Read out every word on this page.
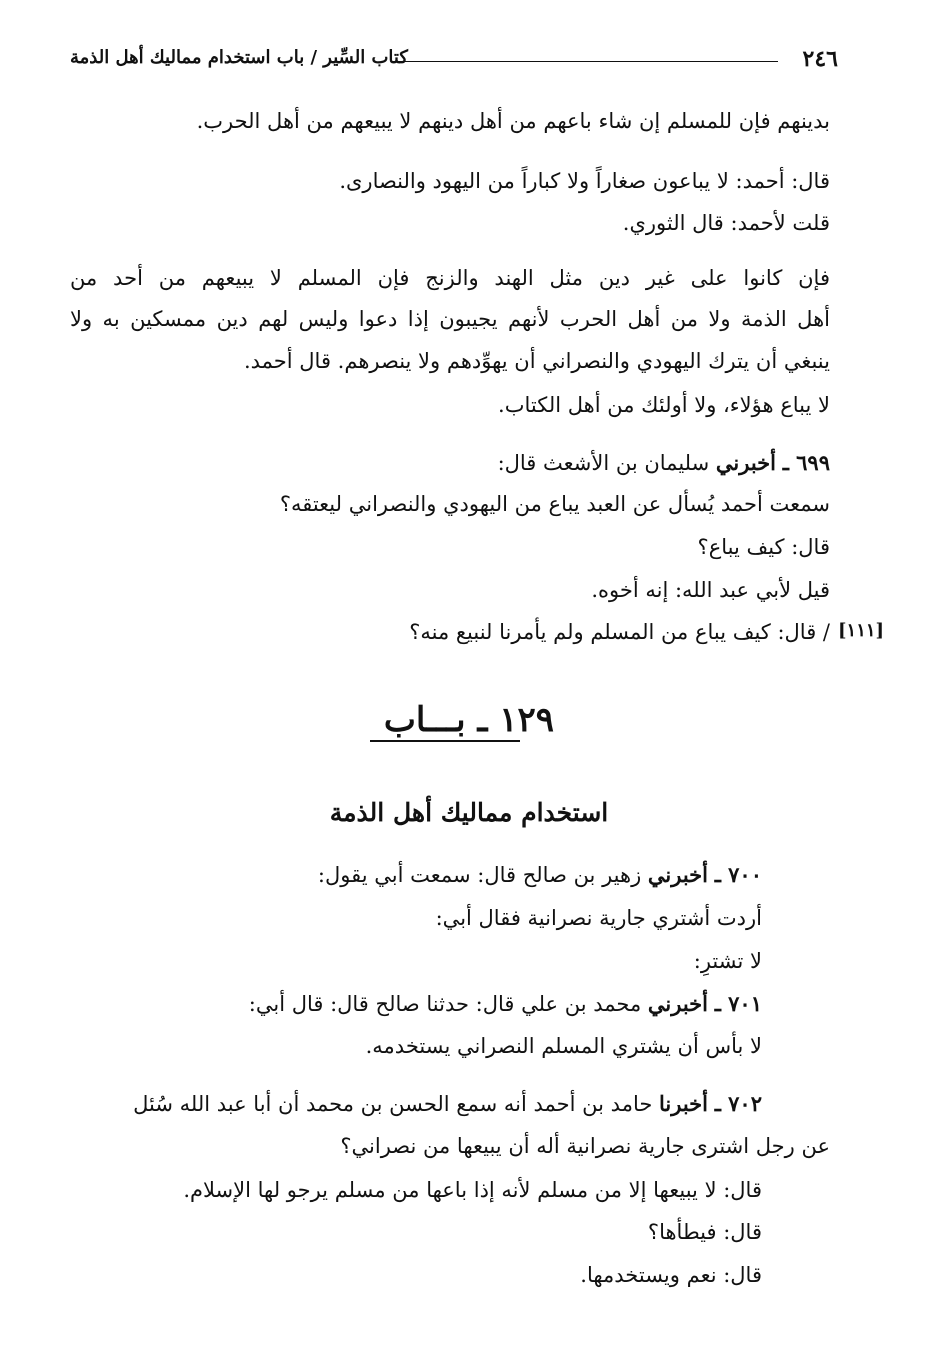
٢٤٦
كتاب السِّير / باب استخدام مماليك أهل الذمة
بدينهم فإن للمسلم إن شاء باعهم من أهل دينهم لا يبيعهم من أهل الحرب.
قال: أحمد: لا يباعون صغاراً ولا كباراً من اليهود والنصارى.
قلت لأحمد: قال الثوري.
فإن كانوا على غير دين مثل الهند والزنج فإن المسلم لا يبيعهم من أحد من
أهل الذمة ولا من أهل الحرب لأنهم يجيبون إذا دعوا وليس لهم دين ممسكين به ولا
ينبغي أن يترك اليهودي والنصراني أن يهوِّدهم ولا ينصرهم. قال أحمد.
لا يباع هؤلاء، ولا أولئك من أهل الكتاب.
٦٩٩ ـ أخبرني سليمان بن الأشعث قال:
سمعت أحمد يُسأل عن العبد يباع من اليهودي والنصراني ليعتقه؟
قال: كيف يباع؟
قيل لأبي عبد الله: إنه أخوه.
/ قال: كيف يباع من المسلم ولم يأمرنا لنبيع منه؟ [١١١]
١٢٩ ـ بـــاب
استخدام مماليك أهل الذمة
٧٠٠ ـ أخبرني زهير بن صالح قال: سمعت أبي يقول:
أردت أشتري جارية نصرانية فقال أبي:
لا تشترِ:
٧٠١ ـ أخبرني محمد بن علي قال: حدثنا صالح قال: قال أبي:
لا بأس أن يشتري المسلم النصراني يستخدمه.
٧٠٢ ـ أخبرنا حامد بن أحمد أنه سمع الحسن بن محمد أن أبا عبد الله سُئل
عن رجل اشترى جارية نصرانية أله أن يبيعها من نصراني؟
قال: لا يبيعها إلا من مسلم لأنه إذا باعها من مسلم يرجو لها الإسلام.
قال: فيطأها؟
قال: نعم ويستخدمها.
